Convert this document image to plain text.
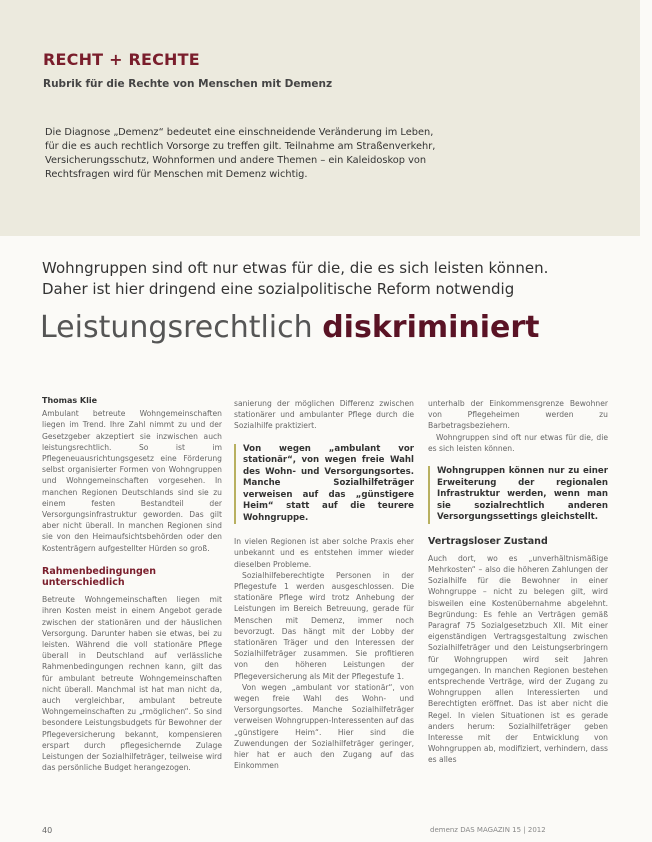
RECHT + RECHTE
Rubrik für die Rechte von Menschen mit Demenz
Die Diagnose „Demenz“ bedeutet eine einschneidende Veränderung im Leben,
für die es auch rechtlich Vorsorge zu treffen gilt. Teilnahme am Straßenverkehr,
Versicherungsschutz, Wohnformen und andere Themen – ein Kaleidoskop von
Rechtsfragen wird für Menschen mit Demenz wichtig.
Wohngruppen sind oft nur etwas für die, die es sich leisten können.
Daher ist hier dringend eine sozialpolitische Reform notwendig
Leistungsrechtlich diskriminiert
Thomas Klie

Ambulant betreute Wohngemeinschaften liegen im Trend. Ihre Zahl nimmt zu und der Gesetzgeber akzeptiert sie inzwischen auch leistungsrechtlich. So ist im Pflegeneuausrichtungsgesetz eine Förderung selbst organisierter Formen von Wohngruppen und Wohngemeinschaften vorgesehen. In manchen Regionen Deutschlands sind sie zu einem festen Bestandteil der Versorgungsinfrastruktur geworden. Das gilt aber nicht überall. In manchen Regionen sind sie von den Heimaufsichtsbehörden oder den Kostenträgern aufgestellter Hürden so groß.

Rahmenbedingungen unterschiedlich

Betreute Wohngemeinschaften liegen mit ihren Kosten meist in einem Angebot gerade zwischen der stationären und der häuslichen Versorgung. Darunter haben sie etwas, bei zu leisten. Während die voll stationäre Pflege überall in Deutschland auf verlässliche Rahmenbedingungen rechnen kann, gilt das für ambulant betreute Wohngemeinschaften nicht überall. Manchmal ist hat man nicht da, auch vergleichbar, ambulant betreute Wohngemeinschaften zu „rmöglichen“. So sind besondere Leistungsbudgets für Bewohner der Pflegeversicherung bekannt, kompensieren erspart durch pflegesichernde Zulage Leistungen der Sozialhilfeträger, teilweise wird das persönliche Budget herangezogen.

sanierung der möglichen Differenz zwischen stationärer und ambulanter Pflege durch die Sozialhilfe praktiziert.

Von wegen „ambulant vor stationär“, von wegen freie Wahl des Wohn- und Versorgungsortes. Manche Sozialhilfeträger verweisen auf das „günstigere Heim“ statt auf die teurere Wohngruppe.

In vielen Regionen ist aber solche Praxis eher unbekannt und es entstehen immer wieder dieselben Probleme.

Sozialhilfeberechtigte Personen in der Pflegestufe 1 werden ausgeschlossen. Die stationäre Pflege wird trotz Anhebung der Leistungen im Bereich Betreuung, gerade für Menschen mit Demenz, immer noch bevorzugt. Das hängt mit der Lobby der stationären Träger und den Interessen der Sozialhilfeträger zusammen. Sie profitieren von den höheren Leistungen der Pflegeversicherung als Mit der Pflegestufe 1.

Von wegen „ambulant vor stationär“, von wegen freie Wahl des Wohn- und Versorgungsortes. Manche Sozialhilfeträger verweisen Wohngruppen-Interessenten auf das „günstigere Heim“. Hier sind die Zuwendungen der Sozialhilfeträger geringer, hier hat er auch den Zugang auf das Einkommen

unterhalb der Einkommensgrenze Bewohner von Pflegeheimen werden zu Barbetragsbeziehern.

Wohngruppen sind oft nur etwas für die, die es sich leisten können.

Wohngruppen können nur zu einer Erweiterung der regionalen Infrastruktur werden, wenn man sie sozialrechtlich anderen Versorgungssettings gleichstellt.

Vertragsloser Zustand

Auch dort, wo es „unverhältnismäßige Mehrkosten“ – also die höheren Zahlungen der Sozialhilfe für die Bewohner in einer Wohngruppe – nicht zu belegen gilt, wird bisweilen eine Kostenübernahme abgelehnt. Begründung: Es fehle an Verträgen gemäß Paragraf 75 Sozialgesetzbuch XII. Mit einer eigenständigen Vertragsgestaltung zwischen Sozialhilfeträger und den Leistungserbringern für Wohngruppen wird seit Jahren umgegangen. In manchen Regionen bestehen entsprechende Verträge, wird der Zugang zu Wohngruppen allen Interessierten und Berechtigten eröffnet. Das ist aber nicht die Regel. In vielen Situationen ist es gerade anders herum: Sozialhilfeträger geben Interesse mit der Entwicklung von Wohngruppen ab, modifiziert, verhindern, dass es alles

40	demenz DAS MAGAZIN 15 | 2012
